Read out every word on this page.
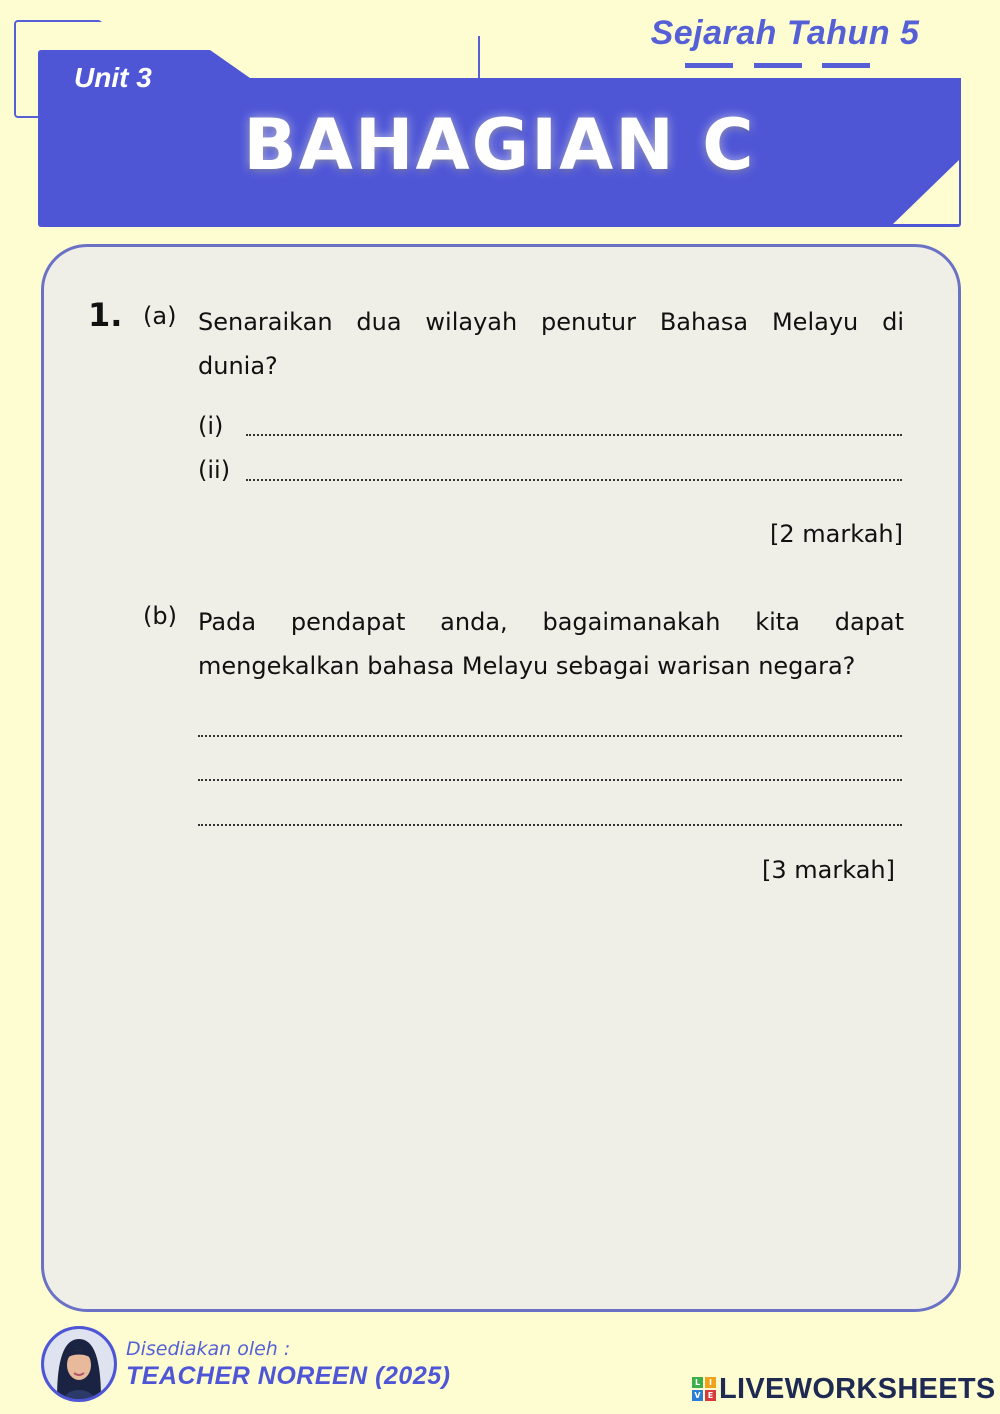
Sejarah Tahun 5
Unit 3
BAHAGIAN C
1. (a) Senaraikan dua wilayah penutur Bahasa Melayu di
dunia?
(i)
(ii)
[2 markah]
(b) Pada pendapat anda, bagaimanakah kita dapat
mengekalkan bahasa Melayu sebagai warisan negara?
[3 markah]
Disediakan oleh :
TEACHER NOREEN (2025)	L	I
V E LIVEWORKSHEETS
